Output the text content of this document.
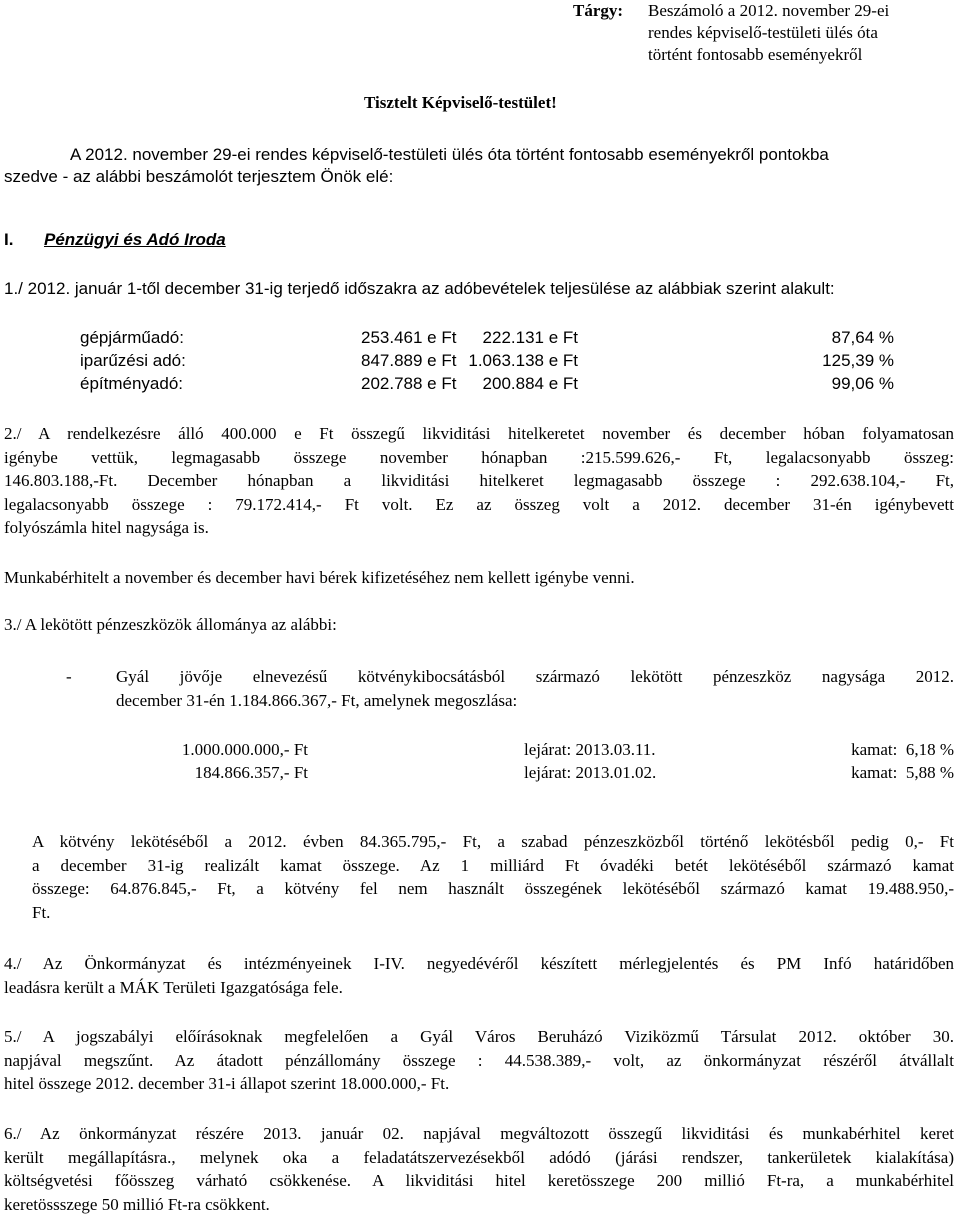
Tárgy: Beszámoló a 2012. november 29-ei
rendes képviselő-testületi ülés óta
történt fontosabb eseményekről
Tisztelt Képviselő-testület!
A 2012. november 29-ei rendes képviselő-testületi ülés óta történt fontosabb eseményekről pontokba
szedve - az alábbi beszámolót terjesztem Önök elé:
I. Pénzügyi és Adó Iroda
1./ 2012. január 1-től december 31-ig terjedő időszakra az adóbevételek teljesülése az alábbiak szerint alakult:
gépjárműadó:	253.461 e Ft 222.131 e Ft	87,64 %
iparűzési adó:	847.889 e Ft 1.063.138 e Ft	125,39 %
építményadó:	202.788 e Ft 200.884 e Ft	99,06 %
2./ A rendelkezésre álló 400.000 e Ft összegű likviditási hitelkeretet november és december hóban folyamatosan
igénybe vettük, legmagasabb összege november hónapban :215.599.626,- Ft, legalacsonyabb összeg:
146.803.188,-Ft. December hónapban a likviditási hitelkeret legmagasabb összege : 292.638.104,- Ft,
legalacsonyabb összege : 79.172.414,- Ft volt. Ez az összeg volt a 2012. december 31-én igénybevett
folyószámla hitel nagysága is.
Munkabérhitelt a november és december havi bérek kifizetéséhez nem kellett igénybe venni.
3./ A lekötött pénzeszközök állománya az alábbi:
-	Gyál jövője elnevezésű kötvénykibocsátásból származó lekötött pénzeszköz nagysága 2012.
december 31-én 1.184.866.367,- Ft, amelynek megoszlása:
1.000.000.000,- Ft	lejárat: 2013.03.11.	kamat:  6,18 %
184.866.357,- Ft	lejárat: 2013.01.02.	kamat:  5,88 %
A kötvény lekötéséből a 2012. évben 84.365.795,- Ft, a szabad pénzeszközből történő lekötésből pedig 0,- Ft
a december 31-ig realizált kamat összege. Az 1 milliárd Ft óvadéki betét lekötéséből származó kamat
összege: 64.876.845,- Ft, a kötvény fel nem használt összegének lekötéséből származó kamat 19.488.950,-
Ft.
4./ Az Önkormányzat és intézményeinek I-IV. negyedévéről készített mérlegjelentés és PM Infó határidőben
leadásra került a MÁK Területi Igazgatósága fele.
5./ A jogszabályi előírásoknak megfelelően a Gyál Város Beruházó Viziközmű Társulat 2012. október 30.
napjával megszűnt. Az átadott pénzállomány összege : 44.538.389,- volt, az önkormányzat részéről átvállalt
hitel összege 2012. december 31-i állapot szerint 18.000.000,- Ft.
6./ Az önkormányzat részére 2013. január 02. napjával megváltozott összegű likviditási és munkabérhitel keret
került megállapításra., melynek oka a feladatátszervezésekből adódó (járási rendszer, tankerületek kialakítása)
költségvetési főösszeg várható csökkenése. A likviditási hitel keretösszege 200 millió Ft-ra, a munkabérhitel
keretössszege 50 millió Ft-ra csökkent.
